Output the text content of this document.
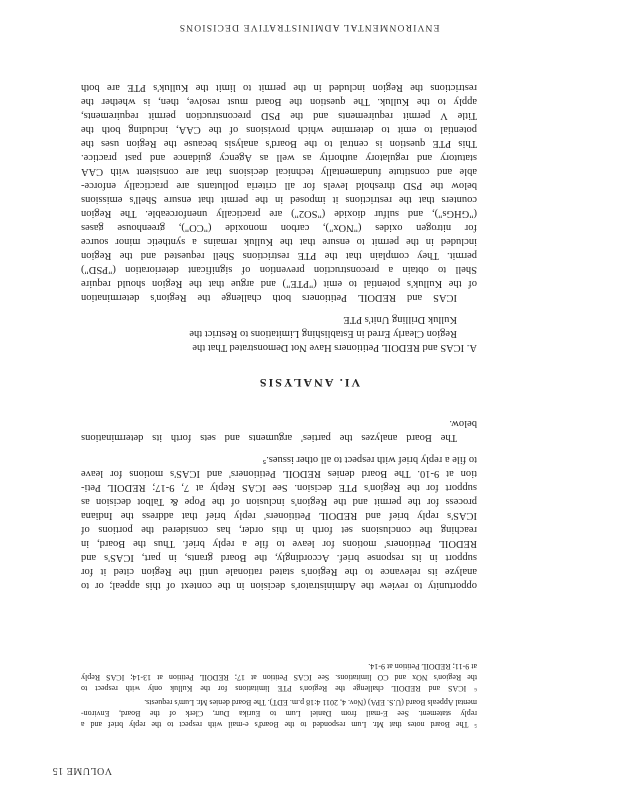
ENVIRONMENTAL ADMINISTRATIVE DECISIONS
opportunity to review the Administrator's decision in the context of this appeal; or to
analyze its relevance to the Region's stated rationale until the Region cited it for
support in its response brief. Accordingly, the Board grants, in part, ICAS's and
REDOIL Petitioners' motions for leave to file a reply brief. Thus the Board, in
reaching the conclusions set forth in this order, has considered the portions of
ICAS's reply brief and REDOIL Petitioners' reply brief that address the Indiana
process for the permit and the Region's inclusion of the Pope & Talbot decision as
support for the Region's PTE decision. See ICAS Reply at 7, 9-17; REDOIL Peti-
tion at 9-10. The Board denies REDOIL Petitioners' and ICAS's motions for leave
to file a reply brief with respect to all other issues.⁵
The Board analyzes the parties' arguments and sets forth its determinations
below.
VI. ANALYSIS
A. ICAS and REDOIL Petitioners Have Not Demonstrated That the
Region Clearly Erred in Establishing Limitations to Restrict the
Kulluk Drilling Unit's PTE
ICAS and REDOIL Petitioners both challenge the Region's determination
of the Kulluk's potential to emit ("PTE") and argue that the Region should require
Shell to obtain a preconstruction prevention of significant deterioration ("PSD")
permit. They complain that the PTE restrictions Shell requested and the Region
included in the permit to ensure that the Kulluk remains a synthetic minor source
for nitrogen oxides ("NOx"), carbon monoxide ("CO"), greenhouse gases
("GHGs"), and sulfur dioxide ("SO2") are practically unenforceable. The Region
counters that the restrictions it imposed in the permit that ensure Shell's emissions
below the PSD threshold levels for all criteria pollutants are practically enforce-
able and constitute fundamentally technical decisions that are consistent with CAA
statutory and regulatory authority as well as Agency guidance and past practice.
This PTE question is central to the Board's analysis because the Region uses the
potential to emit to determine which provisions of the CAA, including both the
Title V permit requirements and the PSD preconstruction permit requirements,
apply to the Kulluk. The question the Board must resolve, then, is whether the
restrictions the Region included in the permit to limit the Kulluk's PTE are both
⁵ The Board notes that Mr. Lum responded to the Board's e-mail with respect to the reply brief and a
reply statement. See E-mail from Daniel Lum to Eurika Durr, Clerk of the Board, Environ-
mental Appeals Board (U.S. EPA) (Nov. 4, 2011 4:18 p.m. EDT). The Board denies Mr. Lum's requests.
⁶ ICAS and REDOIL challenge the Region's PTE limitations for the Kulluk only with respect to
the Region's NOx and CO limitations. See ICAS Petition at 17; REDOIL Petition at 13-14; ICAS Reply
at 9-11; REDOIL Petition at 9-14.
VOLUME 15
